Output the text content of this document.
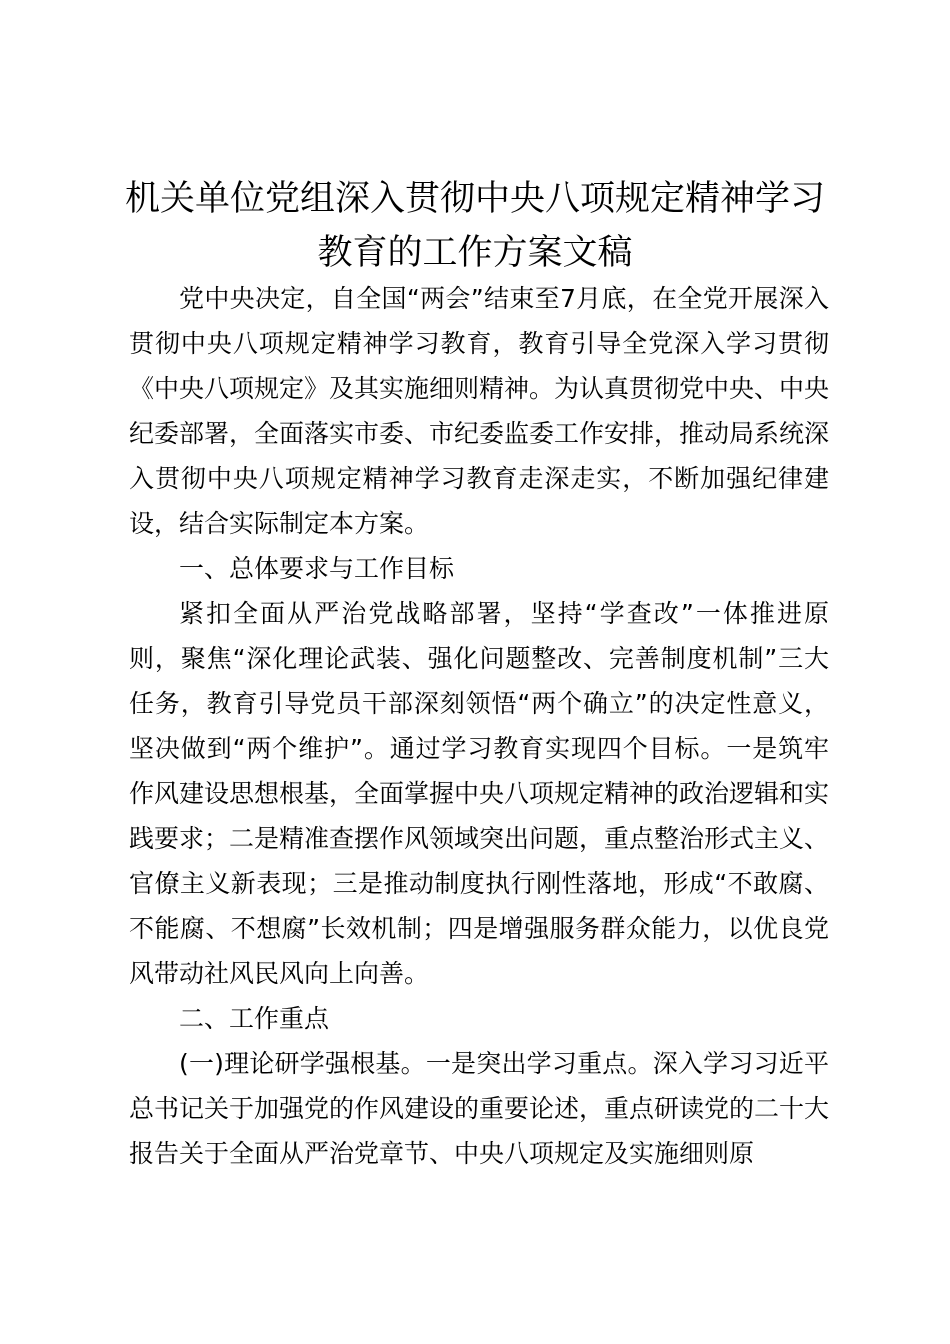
机关单位党组深入贯彻中央八项规定精神学习
教育的工作方案文稿

党中央决定，自全国“两会”结束至7月底，在全党开展深入贯彻中央八项规定精神学习教育，教育引导全党深入学习贯彻《中央八项规定》及其实施细则精神。为认真贯彻党中央、中央纪委部署，全面落实市委、市纪委监委工作安排，推动局系统深入贯彻中央八项规定精神学习教育走深走实，不断加强纪律建设，结合实际制定本方案。

一、总体要求与工作目标

紧扣全面从严治党战略部署，坚持“学查改”一体推进原则，聚焦“深化理论武装、强化问题整改、完善制度机制”三大任务，教育引导党员干部深刻领悟“两个确立”的决定性意义，坚决做到“两个维护”。通过学习教育实现四个目标。一是筑牢作风建设思想根基，全面掌握中央八项规定精神的政治逻辑和实践要求；二是精准查摆作风领域突出问题，重点整治形式主义、官僚主义新表现；三是推动制度执行刚性落地，形成“不敢腐、不能腐、不想腐”长效机制；四是增强服务群众能力，以优良党风带动社风民风向上向善。

二、工作重点

(一)理论研学强根基。一是突出学习重点。深入学习习近平总书记关于加强党的作风建设的重要论述，重点研读党的二十大报告关于全面从严治党章节、中央八项规定及实施细则原
